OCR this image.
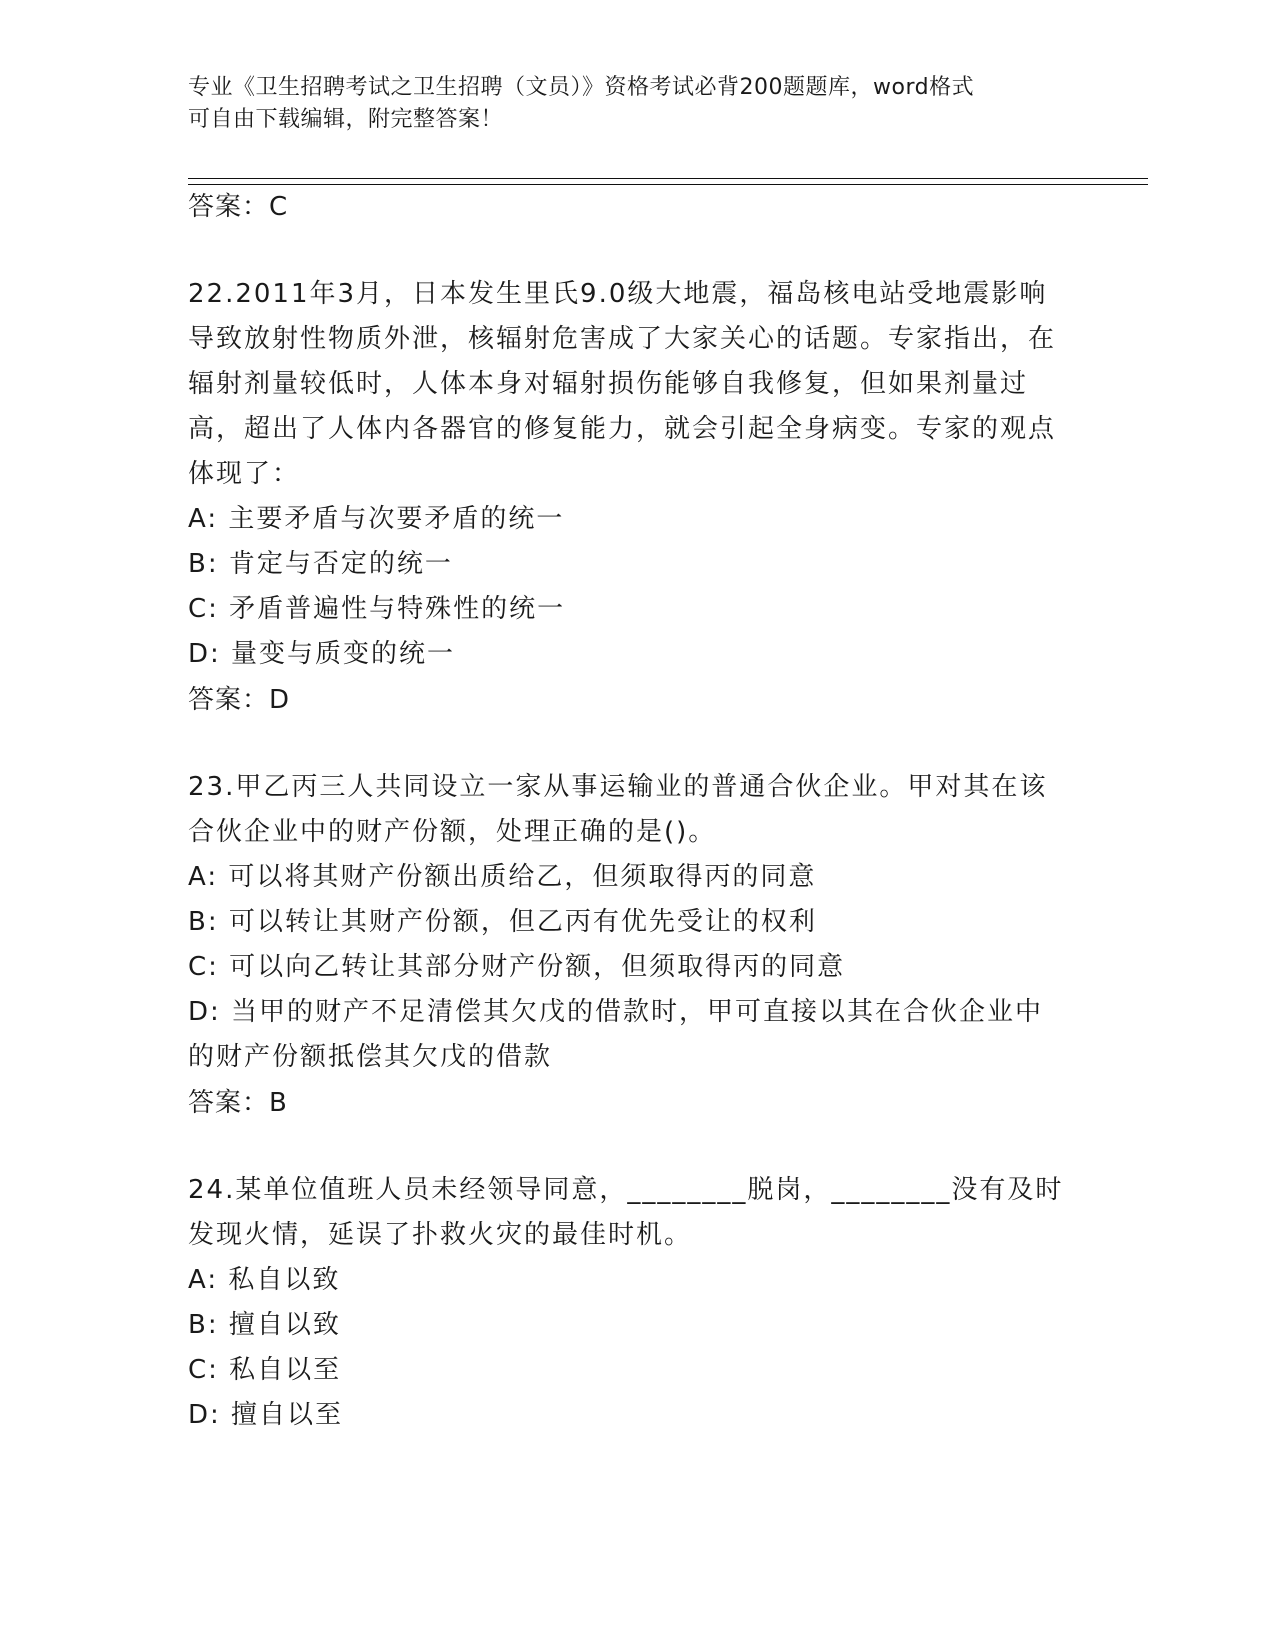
专业《卫生招聘考试之卫生招聘（文员）》资格考试必背200题题库，word格式
可自由下载编辑，附完整答案！
答案：C
22.2011年3月，日本发生里氏9.0级大地震，福岛核电站受地震影响导致放射性物质外泄，核辐射危害成了大家关心的话题。专家指出，在辐射剂量较低时，人体本身对辐射损伤能够自我修复，但如果剂量过高，超出了人体内各器官的修复能力，就会引起全身病变。专家的观点体现了：
A: 主要矛盾与次要矛盾的统一
B: 肯定与否定的统一
C: 矛盾普遍性与特殊性的统一
D: 量变与质变的统一
答案：D
23.甲乙丙三人共同设立一家从事运输业的普通合伙企业。甲对其在该合伙企业中的财产份额，处理正确的是()。
A: 可以将其财产份额出质给乙，但须取得丙的同意
B: 可以转让其财产份额，但乙丙有优先受让的权利
C: 可以向乙转让其部分财产份额，但须取得丙的同意
D: 当甲的财产不足清偿其欠戊的借款时，甲可直接以其在合伙企业中的财产份额抵偿其欠戊的借款
答案：B
24.某单位值班人员未经领导同意，________脱岗，________没有及时发现火情，延误了扑救火灾的最佳时机。
A: 私自以致
B: 擅自以致
C: 私自以至
D: 擅自以至
